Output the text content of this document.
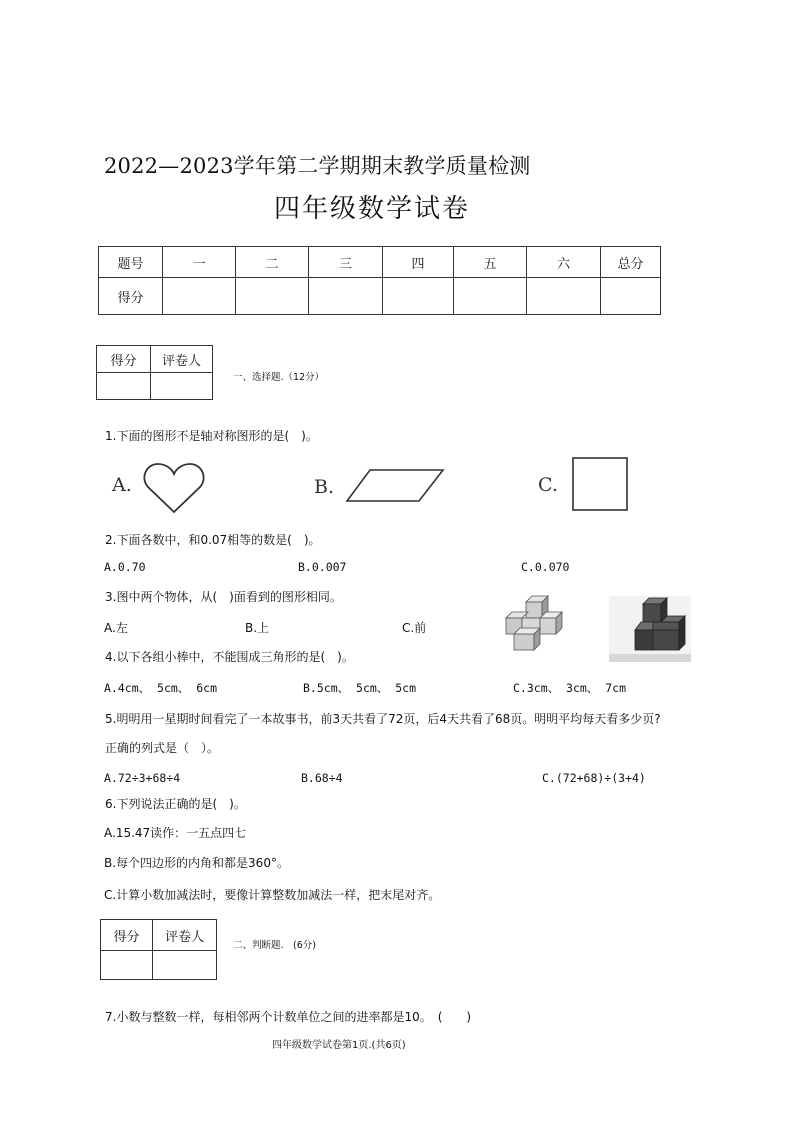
2022—2023学年第二学期期末教学质量检测
四年级数学试卷
题号	一	二	三	四	五	六	总分
得分							
得分	评卷人

一、选择题.（12分）
1.下面的图形不是轴对称图形的是(　)。
A.	B.	C.
2.下面各数中，和0.07相等的数是(　)。
A.0.70	B.0.007	C.0.070
3.图中两个物体，从(　)面看到的图形相同。
A.左	B.上	C.前
4.以下各组小棒中，不能围成三角形的是(　)。
A.4cm、 5cm、 6cm	B.5cm、 5cm、 5cm	C.3cm、 3cm、 7cm
5.明明用一星期时间看完了一本故事书，前3天共看了72页，后4天共看了68页。明明平均每天看多少页?
正确的列式是（　）。
A.72÷3+68÷4	B.68÷4	C.(72+68)÷(3+4)
6.下列说法正确的是(　)。
A.15.47读作：一五点四七
B.每个四边形的内角和都是360°。
C.计算小数加减法时，要像计算整数加减法一样，把末尾对齐。
得分	评卷人

二、判断题.　(6分)
7.小数与整数一样，每相邻两个计数单位之间的进率都是10。　(　　)
四年级数学试卷第1页.(共6页)
